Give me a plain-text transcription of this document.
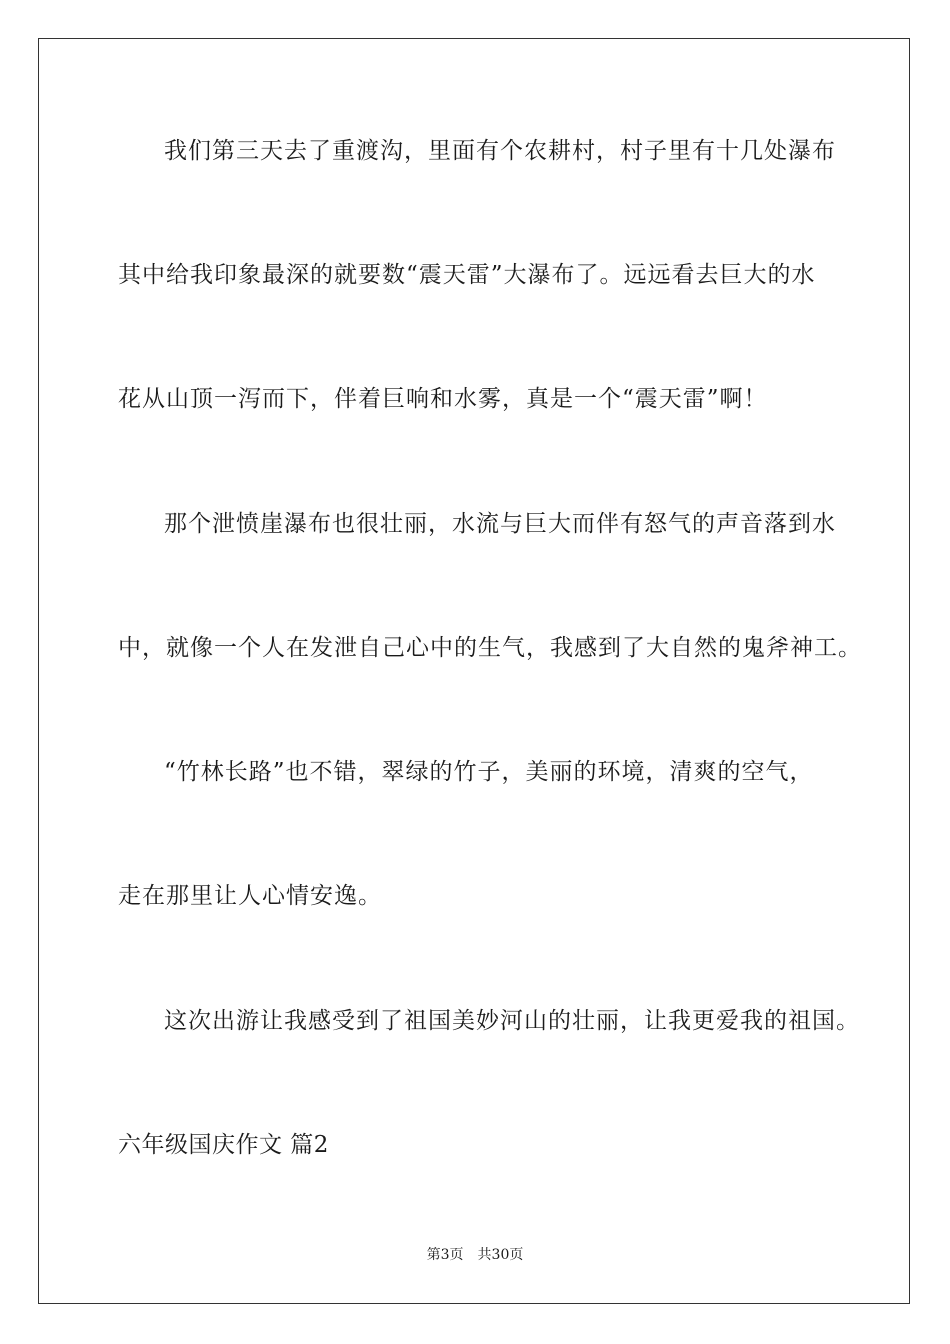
我们第三天去了重渡沟，里面有个农耕村，村子里有十几处瀑布
其中给我印象最深的就要数“震天雷”大瀑布了。远远看去巨大的水
花从山顶一泻而下，伴着巨响和水雾，真是一个“震天雷”啊！
那个泄愤崖瀑布也很壮丽，水流与巨大而伴有怒气的声音落到水
中，就像一个人在发泄自己心中的生气，我感到了大自然的鬼斧神工。
“竹林长路”也不错，翠绿的竹子，美丽的环境，清爽的空气，
走在那里让人心情安逸。
这次出游让我感受到了祖国美妙河山的壮丽，让我更爱我的祖国。
六年级国庆作文 篇2
第3页 共30页
